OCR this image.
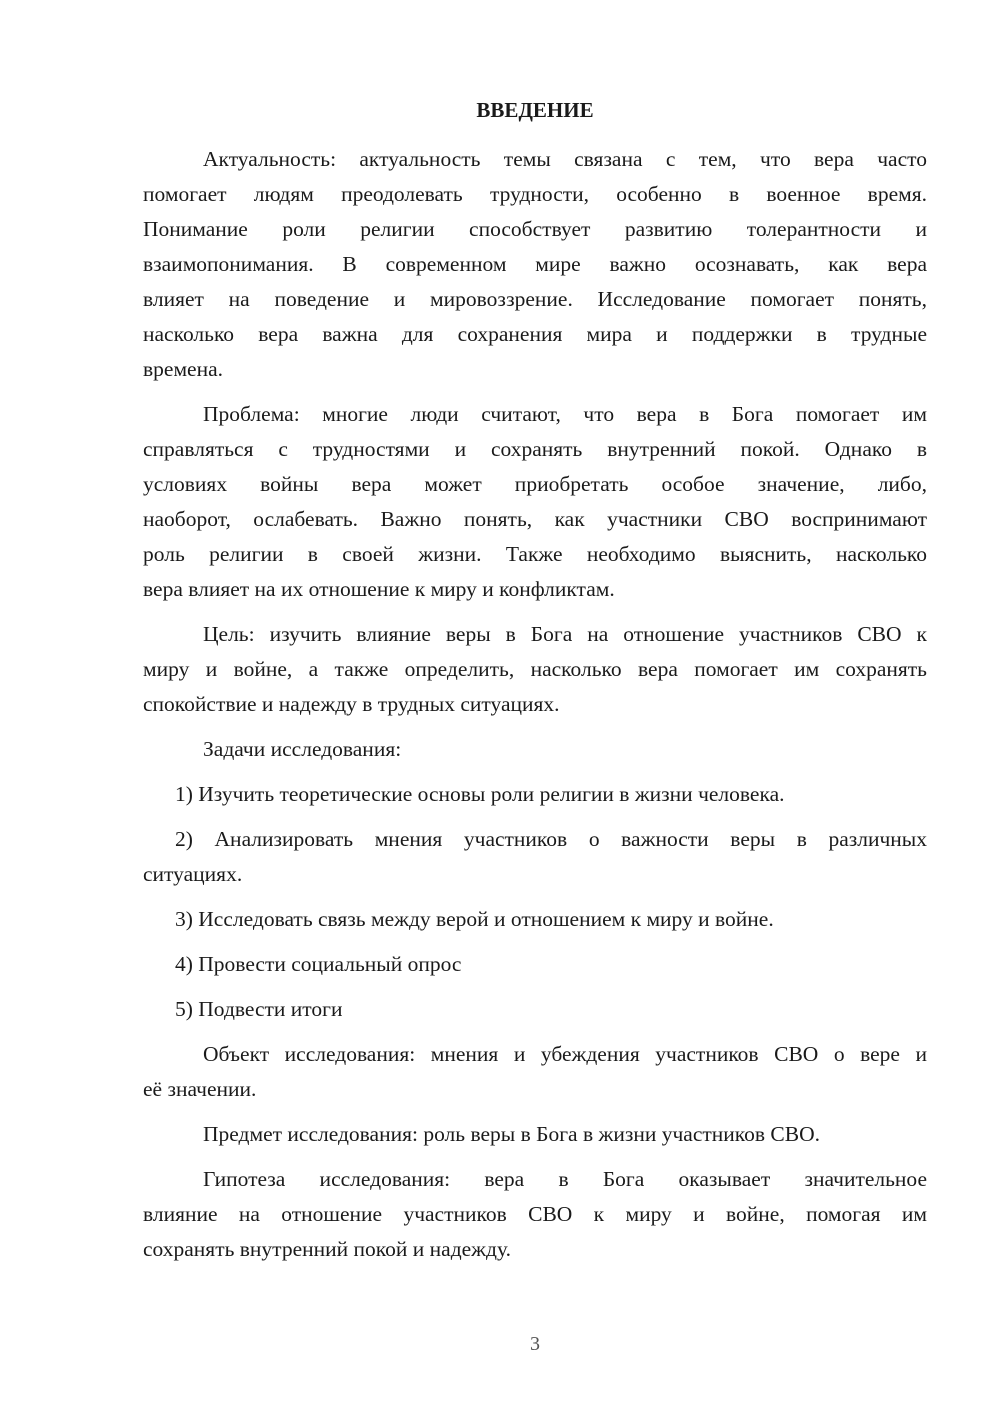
ВВЕДЕНИЕ
Актуальность: актуальность темы связана с тем, что вера часто
помогает людям преодолевать трудности, особенно в военное время.
Понимание роли религии способствует развитию толерантности и
взаимопонимания. В современном мире важно осознавать, как вера
влияет на поведение и мировоззрение. Исследование помогает понять,
насколько вера важна для сохранения мира и поддержки в трудные
времена.
Проблема: многие люди считают, что вера в Бога помогает им
справляться с трудностями и сохранять внутренний покой. Однако в
условиях войны вера может приобретать особое значение, либо,
наоборот, ослабевать. Важно понять, как участники СВО воспринимают
роль религии в своей жизни. Также необходимо выяснить, насколько
вера влияет на их отношение к миру и конфликтам.
Цель: изучить влияние веры в Бога на отношение участников СВО к
миру и войне, а также определить, насколько вера помогает им сохранять
спокойствие и надежду в трудных ситуациях.
Задачи исследования:
1) Изучить теоретические основы роли религии в жизни человека.
2) Анализировать мнения участников о важности веры в различных
ситуациях.
3) Исследовать связь между верой и отношением к миру и войне.
4) Провести социальный опрос
5) Подвести итоги
Объект исследования: мнения и убеждения участников СВО о вере и
её значении.
Предмет исследования: роль веры в Бога в жизни участников СВО.
Гипотеза исследования: вера в Бога оказывает значительное
влияние на отношение участников СВО к миру и войне, помогая им
сохранять внутренний покой и надежду.
3
